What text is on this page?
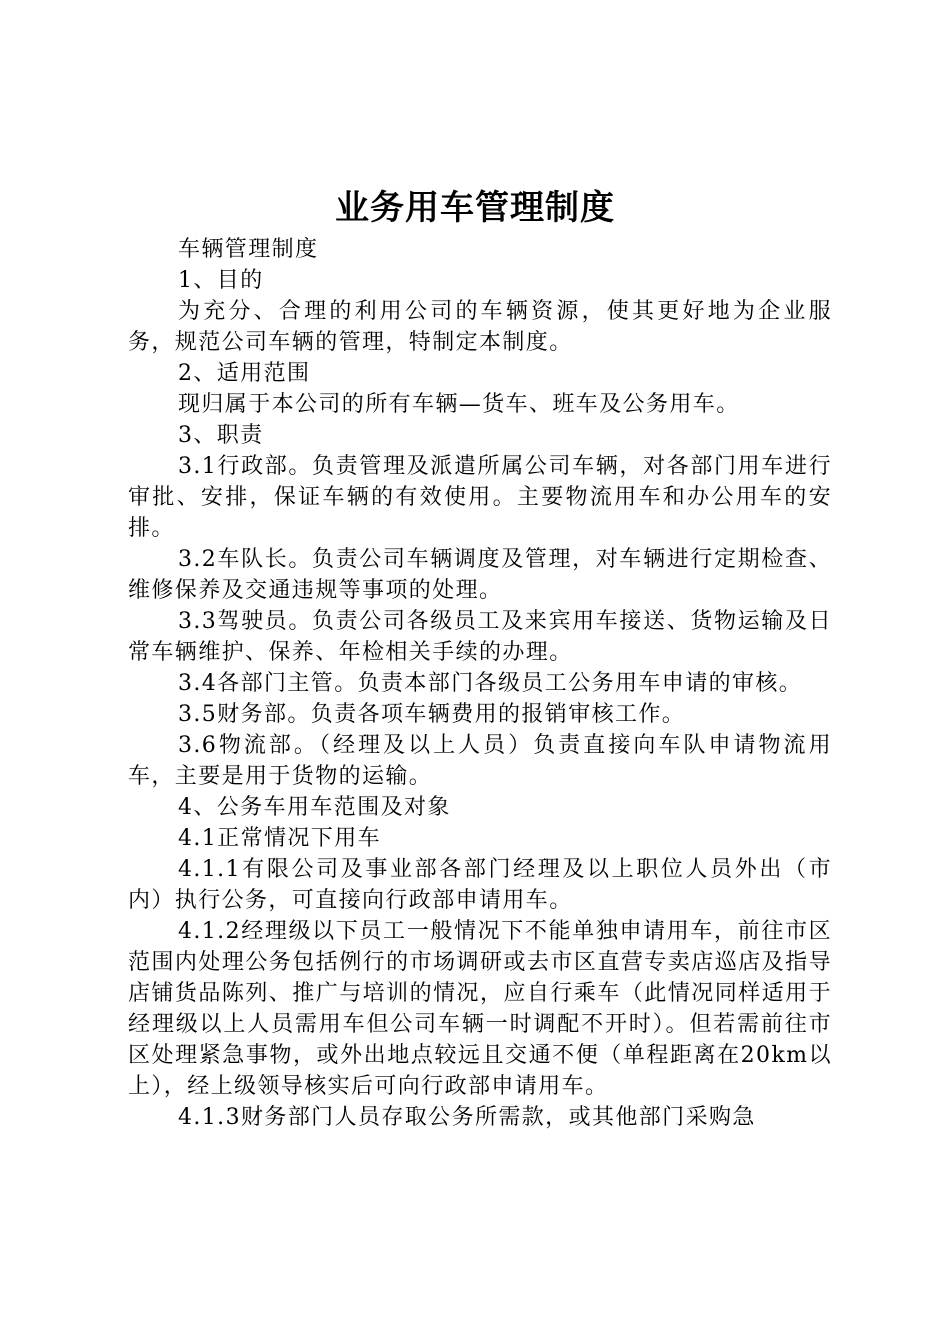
业务用车管理制度

车辆管理制度

1、目的

为充分、合理的利用公司的车辆资源，使其更好地为企业服务，规范公司车辆的管理，特制定本制度。

2、适用范围

现归属于本公司的所有车辆—货车、班车及公务用车。

3、职责

3.1行政部。负责管理及派遣所属公司车辆，对各部门用车进行审批、安排，保证车辆的有效使用。主要物流用车和办公用车的安排。

3.2车队长。负责公司车辆调度及管理，对车辆进行定期检查、维修保养及交通违规等事项的处理。

3.3驾驶员。负责公司各级员工及来宾用车接送、货物运输及日常车辆维护、保养、年检相关手续的办理。

3.4各部门主管。负责本部门各级员工公务用车申请的审核。

3.5财务部。负责各项车辆费用的报销审核工作。

3.6物流部。（经理及以上人员）负责直接向车队申请物流用车，主要是用于货物的运输。

4、公务车用车范围及对象

4.1正常情况下用车

4.1.1有限公司及事业部各部门经理及以上职位人员外出（市内）执行公务，可直接向行政部申请用车。

4.1.2经理级以下员工一般情况下不能单独申请用车，前往市区范围内处理公务包括例行的市场调研或去市区直营专卖店巡店及指导店铺货品陈列、推广与培训的情况，应自行乘车（此情况同样适用于经理级以上人员需用车但公司车辆一时调配不开时）。但若需前往市区处理紧急事物，或外出地点较远且交通不便（单程距离在20km以上），经上级领导核实后可向行政部申请用车。

4.1.3财务部门人员存取公务所需款，或其他部门采购急
